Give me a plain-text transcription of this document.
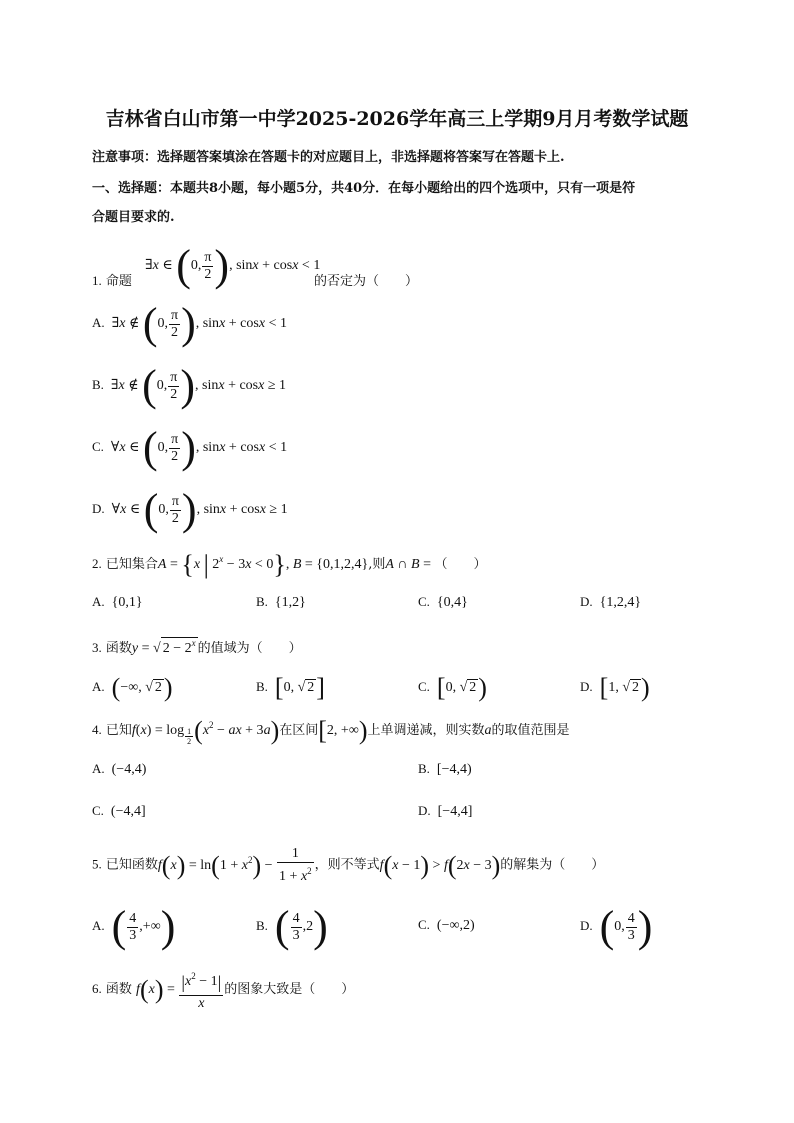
吉林省白山市第一中学2025-2026学年高三上学期9月月考数学试题
注意事项：选择题答案填涂在答题卡的对应题目上，非选择题将答案写在答题卡上.
一、选择题：本题共8小题，每小题5分，共40分．在每小题给出的四个选项中，只有一项是符
合题目要求的.
∃x ∈ (0, $\frac{\pi}{2}$ ), sinx + cosx < 1
1. 命题	的否定为（　　）
A. ∃x ∉ (0, $\frac{\pi}{2}$ ), sinx + cosx < 1
B. ∃x ∉ (0, $\frac{\pi}{2}$ ), sinx + cosx ≥ 1
C. ∀x ∈ (0, $\frac{\pi}{2}$ ), sinx + cosx < 1
D. ∀x ∈ (0, $\frac{\pi}{2}$ ), sinx + cosx ≥ 1
2. 已知集合A = {x | $2^x - 3x < 0$}, B = {0,1,2,4},则A ∩ B = （　　）
A. {0,1}	B. {1,2}	C. {0,4}	D. {1,2,4}
3. 函数y = √ $2 - 2^x$ 的值域为（　　）
A. (−∞, √ 2)	B. [0, √ 2]	C. [0, √ 2)	D. [1, √ 2)
4. 已知f(x) = log $_{\frac{1}{2}}$ ($x^2$ − ax + 3a)在区间[2, +∞)上单调递减，则实数a的取值范围是
A. (−4,4)	B. [−4,4)
C. (−4,4]	D. [−4,4]
5. 已知函数$f(x) = \ln(1 + x^2) - \frac{1}{1 + x^2}$ ，则不等式f(x − 1) > f(2x − 3)的解集为（　　）
A. ( $\frac{4}{3}$ ,+∞)	B. ( $\frac{4}{3} ,2$)	C. (−∞,2)	D. (0, $\frac{4}{3}$ )
6. 函数 $f(x) = \frac{|x^2 - 1|}{x}$ 的图象大致是（　　）
